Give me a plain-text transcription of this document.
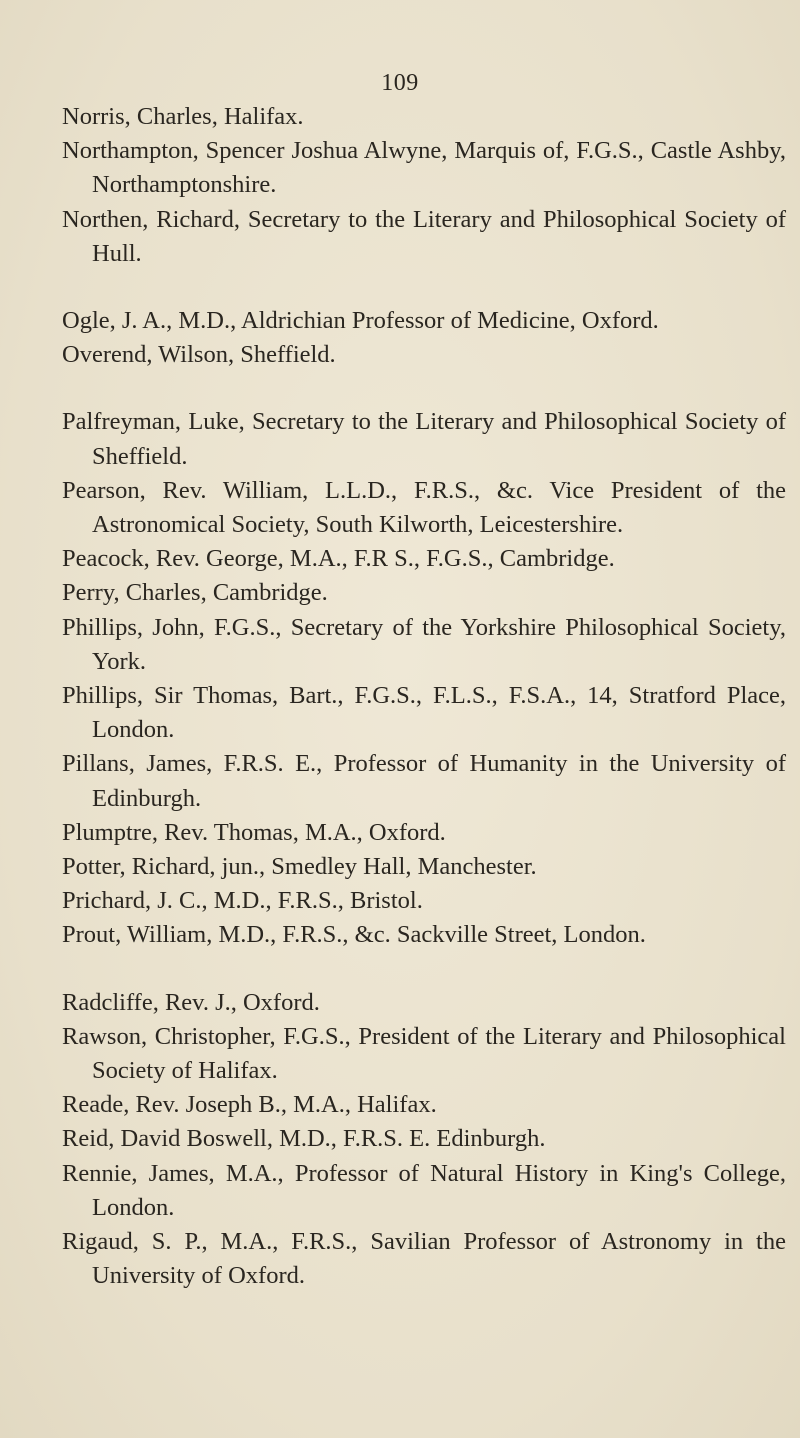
109

Norris, Charles, Halifax.

Northampton, Spencer Joshua Alwyne, Marquis of, F.G.S., Castle Ashby, Northamptonshire.

Northen, Richard, Secretary to the Literary and Philosophical Society of Hull.

Ogle, J. A., M.D., Aldrichian Professor of Medicine, Oxford.

Overend, Wilson, Sheffield.

Palfreyman, Luke, Secretary to the Literary and Philosophical Society of Sheffield.

Pearson, Rev. William, L.L.D., F.R.S., &c. Vice President of the Astronomical Society, South Kilworth, Leicestershire.

Peacock, Rev. George, M.A., F.R S., F.G.S., Cambridge.

Perry, Charles, Cambridge.

Phillips, John, F.G.S., Secretary of the Yorkshire Philosophical Society, York.

Phillips, Sir Thomas, Bart., F.G.S., F.L.S., F.S.A., 14, Stratford Place, London.

Pillans, James, F.R.S. E., Professor of Humanity in the University of Edinburgh.

Plumptre, Rev. Thomas, M.A., Oxford.

Potter, Richard, jun., Smedley Hall, Manchester.

Prichard, J. C., M.D., F.R.S., Bristol.

Prout, William, M.D., F.R.S., &c. Sackville Street, London.

Radcliffe, Rev. J., Oxford.

Rawson, Christopher, F.G.S., President of the Literary and Philosophical Society of Halifax.

Reade, Rev. Joseph B., M.A., Halifax.

Reid, David Boswell, M.D., F.R.S. E. Edinburgh.

Rennie, James, M.A., Professor of Natural History in King's College, London.

Rigaud, S. P., M.A., F.R.S., Savilian Professor of Astronomy in the University of Oxford.
